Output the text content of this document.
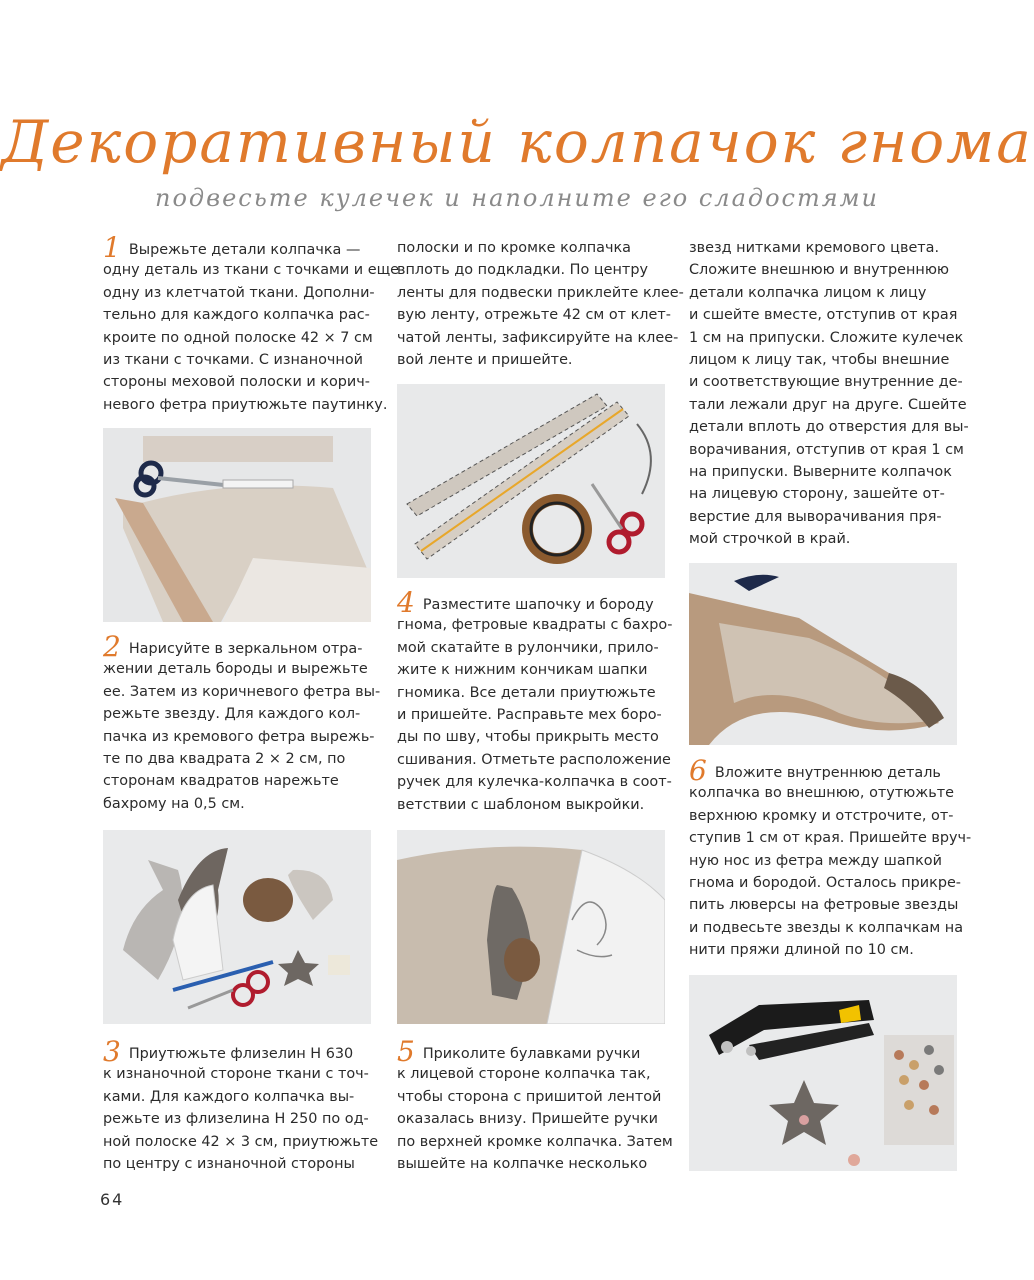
Декоративный колпачок гнома
подвесьте кулечек и наполните его сладостями
1 Вырежьте детали колпачка —
одну деталь из ткани с точками и еще
одну из клетчатой ткани. Дополни-
тельно для каждого колпачка рас-
кроите по одной полоске 42 × 7 см
из ткани с точками. С изнаночной
стороны меховой полоски и корич-
невого фетра приутюжьте паутинку.
2 Нарисуйте в зеркальном отра-
жении деталь бороды и вырежьте
ее. Затем из коричневого фетра вы-
режьте звезду. Для каждого кол-
пачка из кремового фетра вырежь-
те по два квадрата 2 × 2 см, по
сторонам квадратов нарежьте
бахрому на 0,5 см.
3 Приутюжьте флизелин H 630
к изнаночной стороне ткани с точ-
ками. Для каждого колпачка вы-
режьте из флизелина H 250 по од-
ной полоске 42 × 3 см, приутюжьте
по центру с изнаночной стороны
полоски и по кромке колпачка
вплоть до подкладки. По центру
ленты для подвески приклейте клее-
вую ленту, отрежьте 42 см от клет-
чатой ленты, зафиксируйте на клее-
вой ленте и пришейте.
4 Разместите шапочку и бороду
гнома, фетровые квадраты с бахро-
мой скатайте в рулончики, прило-
жите к нижним кончикам шапки
гномика. Все детали приутюжьте
и пришейте. Расправьте мех боро-
ды по шву, чтобы прикрыть место
сшивания. Отметьте расположение
ручек для кулечка-колпачка в соот-
ветствии с шаблоном выкройки.
5 Приколите булавками ручки
к лицевой стороне колпачка так,
чтобы сторона с пришитой лентой
оказалась внизу. Пришейте ручки
по верхней кромке колпачка. Затем
вышейте на колпачке несколько
звезд нитками кремового цвета.
Сложите внешнюю и внутреннюю
детали колпачка лицом к лицу
и сшейте вместе, отступив от края
1 см на припуски. Сложите кулечек
лицом к лицу так, чтобы внешние
и соответствующие внутренние де-
тали лежали друг на друге. Сшейте
детали вплоть до отверстия для вы-
ворачивания, отступив от края 1 см
на припуски. Выверните колпачок
на лицевую сторону, зашейте от-
верстие для выворачивания пря-
мой строчкой в край.
6 Вложите внутреннюю деталь
колпачка во внешнюю, отутюжьте
верхнюю кромку и отстрочите, от-
ступив 1 см от края. Пришейте вруч-
ную нос из фетра между шапкой
гнома и бородой. Осталось прикре-
пить люверсы на фетровые звезды
и подвесьте звезды к колпачкам на
нити пряжи длиной по 10 см.
64
